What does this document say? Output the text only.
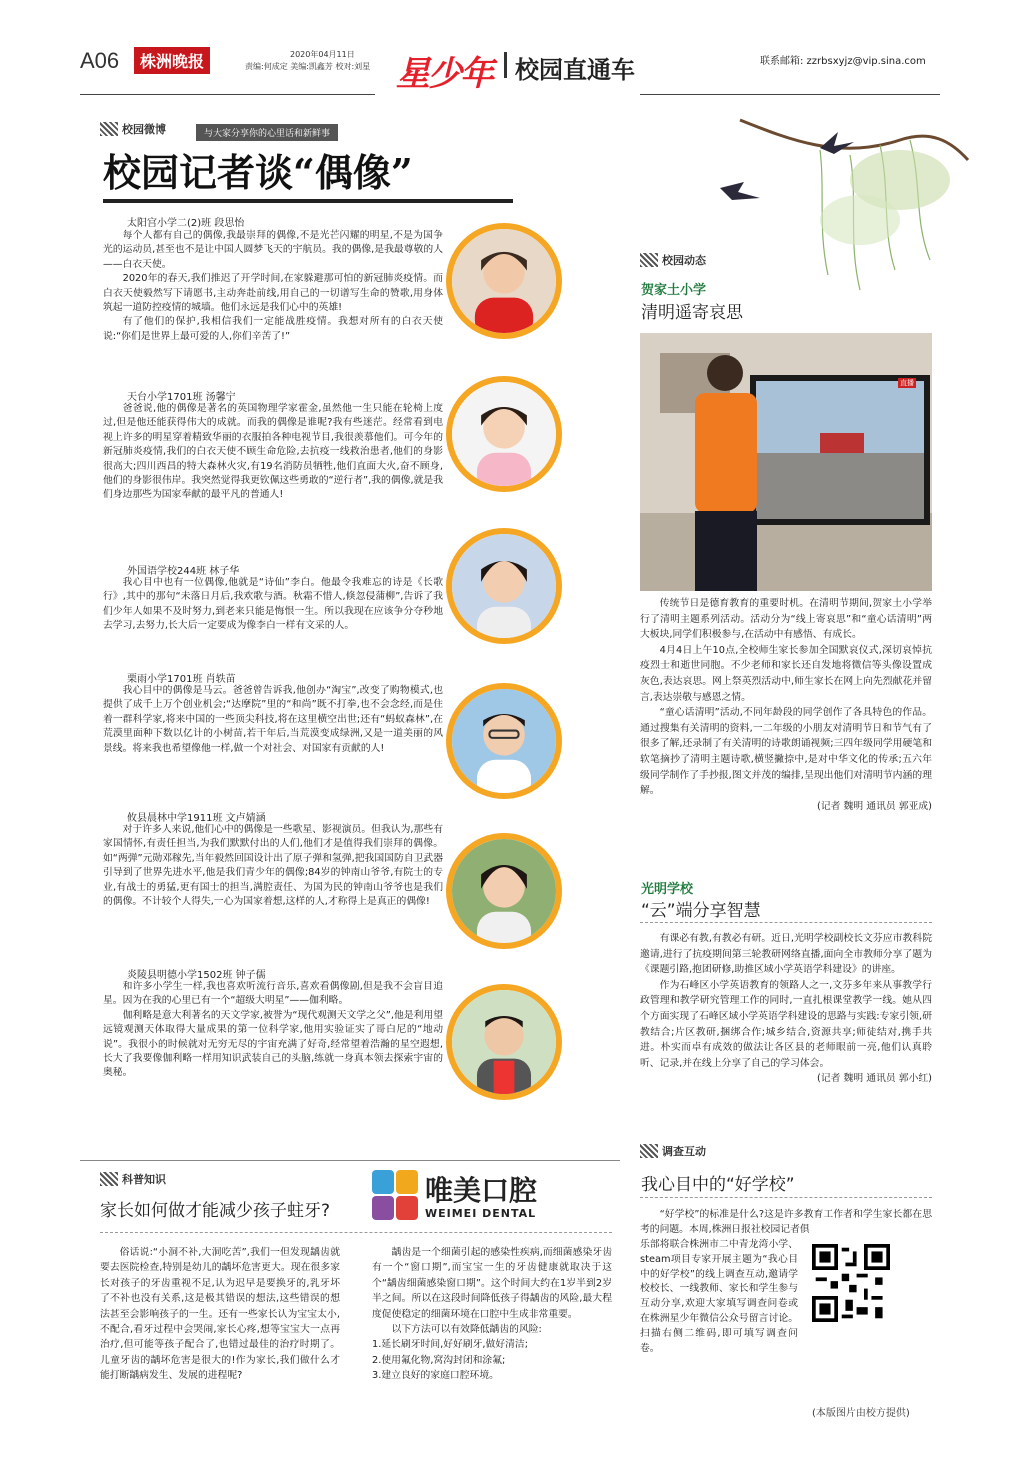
A06	株洲晚报	2020年04月11日
责编:何成定 美编:凯鑫芳 校对:刘星 星少年 校园直通车	联系邮箱: zzrbsxyjz@vip.sina.com
校园微博	与大家分享你的心里话和新鲜事
校园记者谈“偶像”
太阳宫小学二(2)班 段思怡

每个人都有自己的偶像,我最崇拜的偶像,不是光芒闪耀的明星,不是为国争光的运动员,甚至也不是让中国人圆梦飞天的宇航员。我的偶像,是我最尊敬的人——白衣天使。

2020年的春天,我们推迟了开学时间,在家躲避那可怕的新冠肺炎疫情。而白衣天使毅然写下请愿书,主动奔赴前线,用自己的一切谱写生命的赞歌,用身体筑起一道防控疫情的城墙。他们永远是我们心中的英雄!

有了他们的保护,我相信我们一定能战胜疫情。我想对所有的白衣天使说:“你们是世界上最可爱的人,你们辛苦了!”

天台小学1701班 汤馨宁

爸爸说,他的偶像是著名的英国物理学家霍金,虽然他一生只能在轮椅上度过,但是他还能获得伟大的成就。而我的偶像是谁呢?我有些迷茫。经常看到电视上许多的明星穿着精致华丽的衣服拍各种电视节目,我很羡慕他们。可今年的新冠肺炎疫情,我们的白衣天使不顾生命危险,去抗疫一线救治患者,他们的身影很高大;四川西昌的特大森林火灾,有19名消防员牺牲,他们直面大火,奋不顾身,他们的身影很伟岸。我突然觉得我更钦佩这些勇敢的“逆行者”,我的偶像,就是我们身边那些为国家奉献的最平凡的普通人!

外国语学校244班 林子华

我心目中也有一位偶像,他就是“诗仙”李白。他最令我难忘的诗是《长歌行》,其中的那句“未落日月后,我欢歌与酒。秋霜不惜人,倏忽侵蒲柳”,告诉了我们少年人如果不及时努力,到老来只能是悔恨一生。所以我现在应该争分夺秒地去学习,去努力,长大后一定要成为像李白一样有文采的人。

栗雨小学1701班 肖轶苗

我心目中的偶像是马云。爸爸曾告诉我,他创办“淘宝”,改变了购物模式,也提供了成千上万个创业机会;“达摩院”里的“和尚”既不打拳,也不会念经,而是住着一群科学家,将来中国的一些顶尖科技,将在这里横空出世;还有“蚂蚁森林”,在荒漠里面种下数以亿计的小树苗,若干年后,当荒漠变成绿洲,又是一道美丽的风景线。将来我也希望像他一样,做一个对社会、对国家有贡献的人!

攸县晨林中学1911班 文卢婧涵

对于许多人来说,他们心中的偶像是一些歌星、影视演员。但我认为,那些有家国情怀,有责任担当,为我们默默付出的人们,他们才是值得我们崇拜的偶像。如“两弹”元勋邓稼先,当年毅然回国设计出了原子弹和氢弹,把我国国防自卫武器引导到了世界先进水平,他是我们青少年的偶像;84岁的钟南山爷爷,有院士的专业,有战士的勇猛,更有国士的担当,满腔责任、为国为民的钟南山爷爷也是我们的偶像。不计较个人得失,一心为国家着想,这样的人,才称得上是真正的偶像!

炎陵县明德小学1502班 钟子儒

和许多小学生一样,我也喜欢听流行音乐,喜欢看偶像剧,但是我不会盲目追星。因为在我的心里已有一个“超级大明星”——伽利略。

伽利略是意大利著名的天文学家,被誉为“现代观测天文学之父”,他是利用望远镜观测天体取得大量成果的第一位科学家,他用实验证实了哥白尼的“地动说”。我很小的时候就对无穷无尽的宇宙充满了好奇,经常望着浩瀚的星空遐想,长大了我要像伽利略一样用知识武装自己的头脑,练就一身真本领去探索宇宙的奥秘。

校园动态
贺家土小学
清明遥寄哀思
直播

传统节日是德育教育的重要时机。在清明节期间,贺家土小学举行了清明主题系列活动。活动分为“线上寄哀思”和“童心话清明”两大板块,同学们积极参与,在活动中有感悟、有成长。

4月4日上午10点,全校师生家长参加全国默哀仪式,深切哀悼抗疫烈士和逝世同胞。不少老师和家长还自发地将微信等头像设置成灰色,表达哀思。网上祭英烈活动中,师生家长在网上向先烈献花并留言,表达崇敬与感恩之情。

“童心话清明”活动,不同年龄段的同学创作了各具特色的作品。通过搜集有关清明的资料,一二年级的小朋友对清明节日和节气有了很多了解,还录制了有关清明的诗歌朗诵视频;三四年级同学用硬笔和软笔摘抄了清明主题诗歌,横竖撇捺中,是对中华文化的传承;五六年级同学制作了手抄报,图文并茂的编排,呈现出他们对清明节内涵的理解。

(记者 魏明 通讯员 郭亚成)
光明学校
“云”端分享智慧

有课必有教,有教必有研。近日,光明学校副校长文芬应市教科院邀请,进行了抗疫期间第三轮教研网络直播,面向全市教师分享了题为《课题引路,抱团研修,助推区域小学英语学科建设》的讲座。

作为石峰区小学英语教育的领路人之一,文芬多年来从事教学行政管理和教学研究管理工作的同时,一直扎根课堂教学一线。她从四个方面实现了石峰区域小学英语学科建设的思路与实践:专家引领,研教结合;片区教研,捆绑合作;城乡结合,资源共享;师徒结对,携手共进。朴实而卓有成效的做法让各区县的老师眼前一亮,他们认真聆听、记录,并在线上分享了自己的学习体会。

(记者 魏明 通讯员 郭小红)
调查互动
我心目中的“好学校”

“好学校”的标准是什么?这是许多教育工作者和学生家长都在思考的问题。本周,株洲日报社校园记者俱

乐部将联合株洲市二中青龙湾小学、steam项目专家开展主题为“我心目中的好学校”的线上调查互动,邀请学校校长、一线教师、家长和学生参与互动分享,欢迎大家填写调查问卷或在株洲星少年微信公众号留言讨论。扫描右侧二维码,即可填写调查问卷。

(本版图片由校方提供)
科普知识
家长如何做才能减少孩子蛀牙?
唯美口腔
WEIMEI DENTAL

俗话说:“小洞不补,大洞吃苦”,我们一但发现龋齿就要去医院检查,特别是幼儿的龋坏危害更大。现在很多家长对孩子的牙齿重视不足,认为迟早是要换牙的,乳牙坏了不补也没有关系,这是极其错误的想法,这些错误的想法甚至会影响孩子的一生。还有一些家长认为宝宝太小,不配合,看牙过程中会哭闹,家长心疼,想等宝宝大一点再治疗,但可能等孩子配合了,也错过最佳的治疗时期了。儿童牙齿的龋坏危害是很大的!作为家长,我们做什么才能打断龋病发生、发展的进程呢?

龋齿是一个细菌引起的感染性疾病,而细菌感染牙齿有一个“窗口期”,而宝宝一生的牙齿健康就取决于这个“龋齿细菌感染窗口期”。这个时间大约在1岁半到2岁半之间。所以在这段时间降低孩子得龋齿的风险,最大程度促使稳定的细菌环境在口腔中生成非常重要。

以下方法可以有效降低龋齿的风险:

1.延长刷牙时间,好好刷牙,做好清洁;

2.使用氟化物,窝沟封闭和涂氟;

3.建立良好的家庭口腔环境。
